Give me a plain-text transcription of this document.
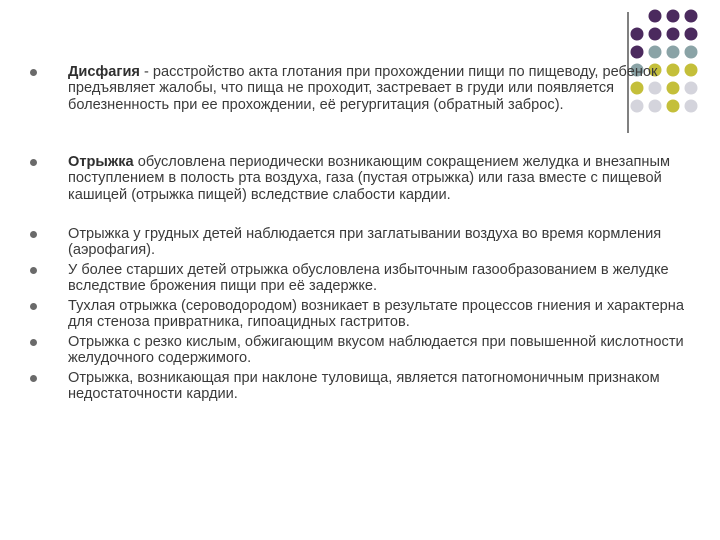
Дисфагия - расстройство акта глотания при прохождении пищи по пищеводу, ребенок предъявляет жалобы, что пища не проходит, застревает в груди или появляется болезненность при ее прохождении, её регургитация (обратный заброс).
Отрыжка обусловлена периодически возникающим сокращением желудка и внезапным поступлением в полость рта воздуха, газа (пустая отрыжка) или газа вместе с пищевой кашицей (отрыжка пищей) вследствие слабости кардии.
Отрыжка у грудных детей наблюдается при заглатывании воздуха во время кормления (аэрофагия).
У более старших детей отрыжка обусловлена избыточным газообразованием в желудке вследствие брожения пищи при её задержке.
Тухлая отрыжка (сероводородом) возникает в результате процессов гниения и характерна для стеноза привратника, гипоацидных гастритов.
Отрыжка с резко кислым, обжигающим вкусом наблюдается при повышенной кислотности желудочного содержимого.
Отрыжка, возникающая при наклоне туловища, является патогномоничным признаком недостаточности кардии.
